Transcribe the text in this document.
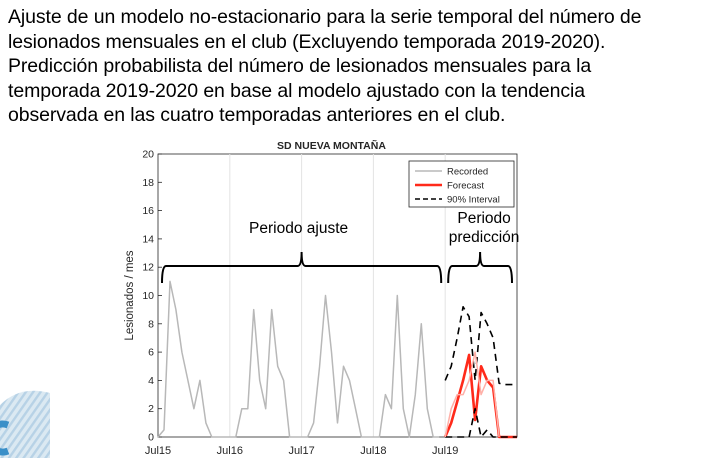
Ajuste de un modelo no-estacionario para la serie temporal del número de
lesionados mensuales en el club (Excluyendo temporada 2019-2020).
Predicción probabilista del número de lesionados mensuales para la
temporada 2019-2020 en base al modelo ajustado con la tendencia
observada en las cuatro temporadas anteriores en el club.
Jul15	Jul16	Jul17	Jul18	Jul19
0
2
4
6
8
10
12
14
16
18
20
Periodo ajuste
Periodo predicción
SD NUEVA MONTAÑA
Lesionados / mes
Recorded
Forecast
90% Interval
